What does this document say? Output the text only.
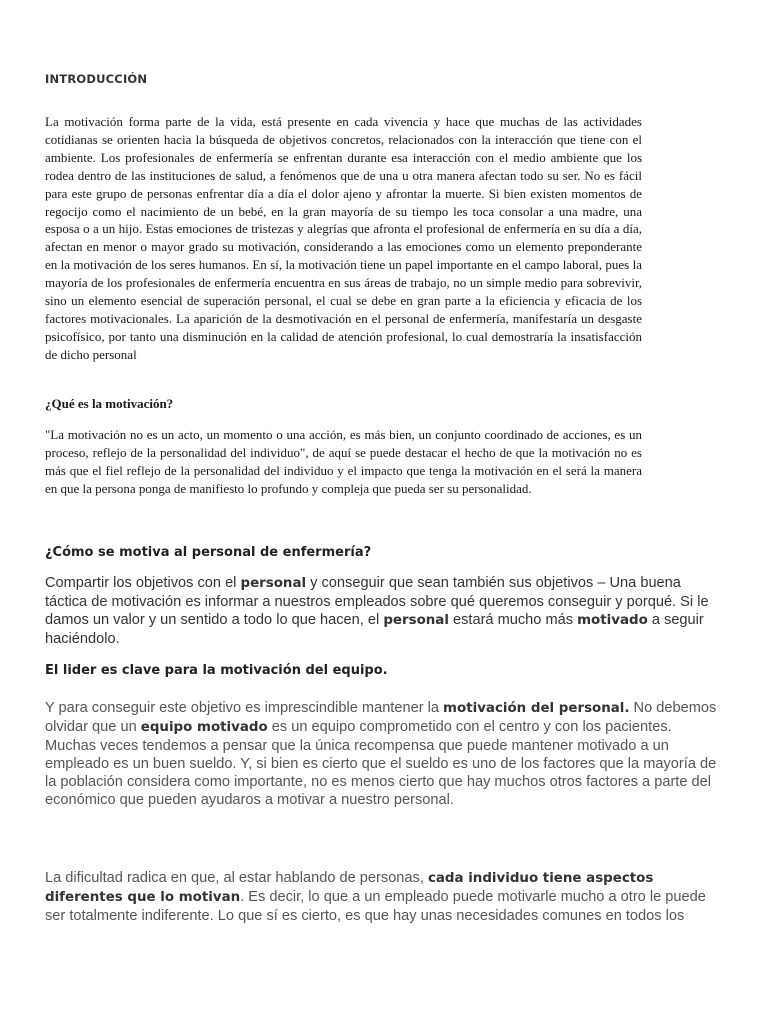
INTRODUCCIÓN

La motivación forma parte de la vida, está presente en cada vivencia y hace que muchas de las actividades cotidianas se orienten hacia la búsqueda de objetivos concretos, relacionados con la interacción que tiene con el ambiente. Los profesionales de enfermería se enfrentan durante esa interacción con el medio ambiente que los rodea dentro de las instituciones de salud, a fenómenos que de una u otra manera afectan todo su ser. No es fácil para este grupo de personas enfrentar día a día el dolor ajeno y afrontar la muerte. Si bien existen momentos de regocijo como el nacimiento de un bebé, en la gran mayoría de su tiempo les toca consolar a una madre, una esposa o a un hijo. Estas emociones de tristezas y alegrías que afronta el profesional de enfermería en su día a día, afectan en menor o mayor grado su motivación, considerando a las emociones como un elemento preponderante en la motivación de los seres humanos. En sí, la motivación tiene un papel importante en el campo laboral, pues la mayoría de los profesionales de enfermería encuentra en sus áreas de trabajo, no un simple medio para sobrevivir, sino un elemento esencial de superación personal, el cual se debe en gran parte a la eficiencia y eficacia de los factores motivacionales. La aparición de la desmotivación en el personal de enfermería, manifestaría un desgaste psicofísico, por tanto una disminución en la calidad de atención profesional, lo cual demostraría la insatisfacción de dicho personal

¿Qué es la motivación?

"La motivación no es un acto, un momento o una acción, es más bien, un conjunto coordinado de acciones, es un proceso, reflejo de la personalidad del individuo", de aquí se puede destacar el hecho de que la motivación no es más que el fiel reflejo de la personalidad del individuo y el impacto que tenga la motivación en el será la manera en que la persona ponga de manifiesto lo profundo y compleja que pueda ser su personalidad.

¿Cómo se motiva al personal de enfermería?

Compartir los objetivos con el personal y conseguir que sean también sus objetivos – Una buena táctica de motivación es informar a nuestros empleados sobre qué queremos conseguir y porqué. Si le damos un valor y un sentido a todo lo que hacen, el personal estará mucho más motivado a seguir haciéndolo.

El lider es clave para la motivación del equipo.

Y para conseguir este objetivo es imprescindible mantener la motivación del personal. No debemos olvidar que un equipo motivado es un equipo comprometido con el centro y con los pacientes. Muchas veces tendemos a pensar que la única recompensa que puede mantener motivado a un empleado es un buen sueldo. Y, si bien es cierto que el sueldo es uno de los factores que la mayoría de la población considera como importante, no es menos cierto que hay muchos otros factores a parte del económico que pueden ayudaros a motivar a nuestro personal.

La dificultad radica en que, al estar hablando de personas, cada individuo tiene aspectos diferentes que lo motivan. Es decir, lo que a un empleado puede motivarle mucho a otro le puede ser totalmente indiferente. Lo que sí es cierto, es que hay unas necesidades comunes en todos los
